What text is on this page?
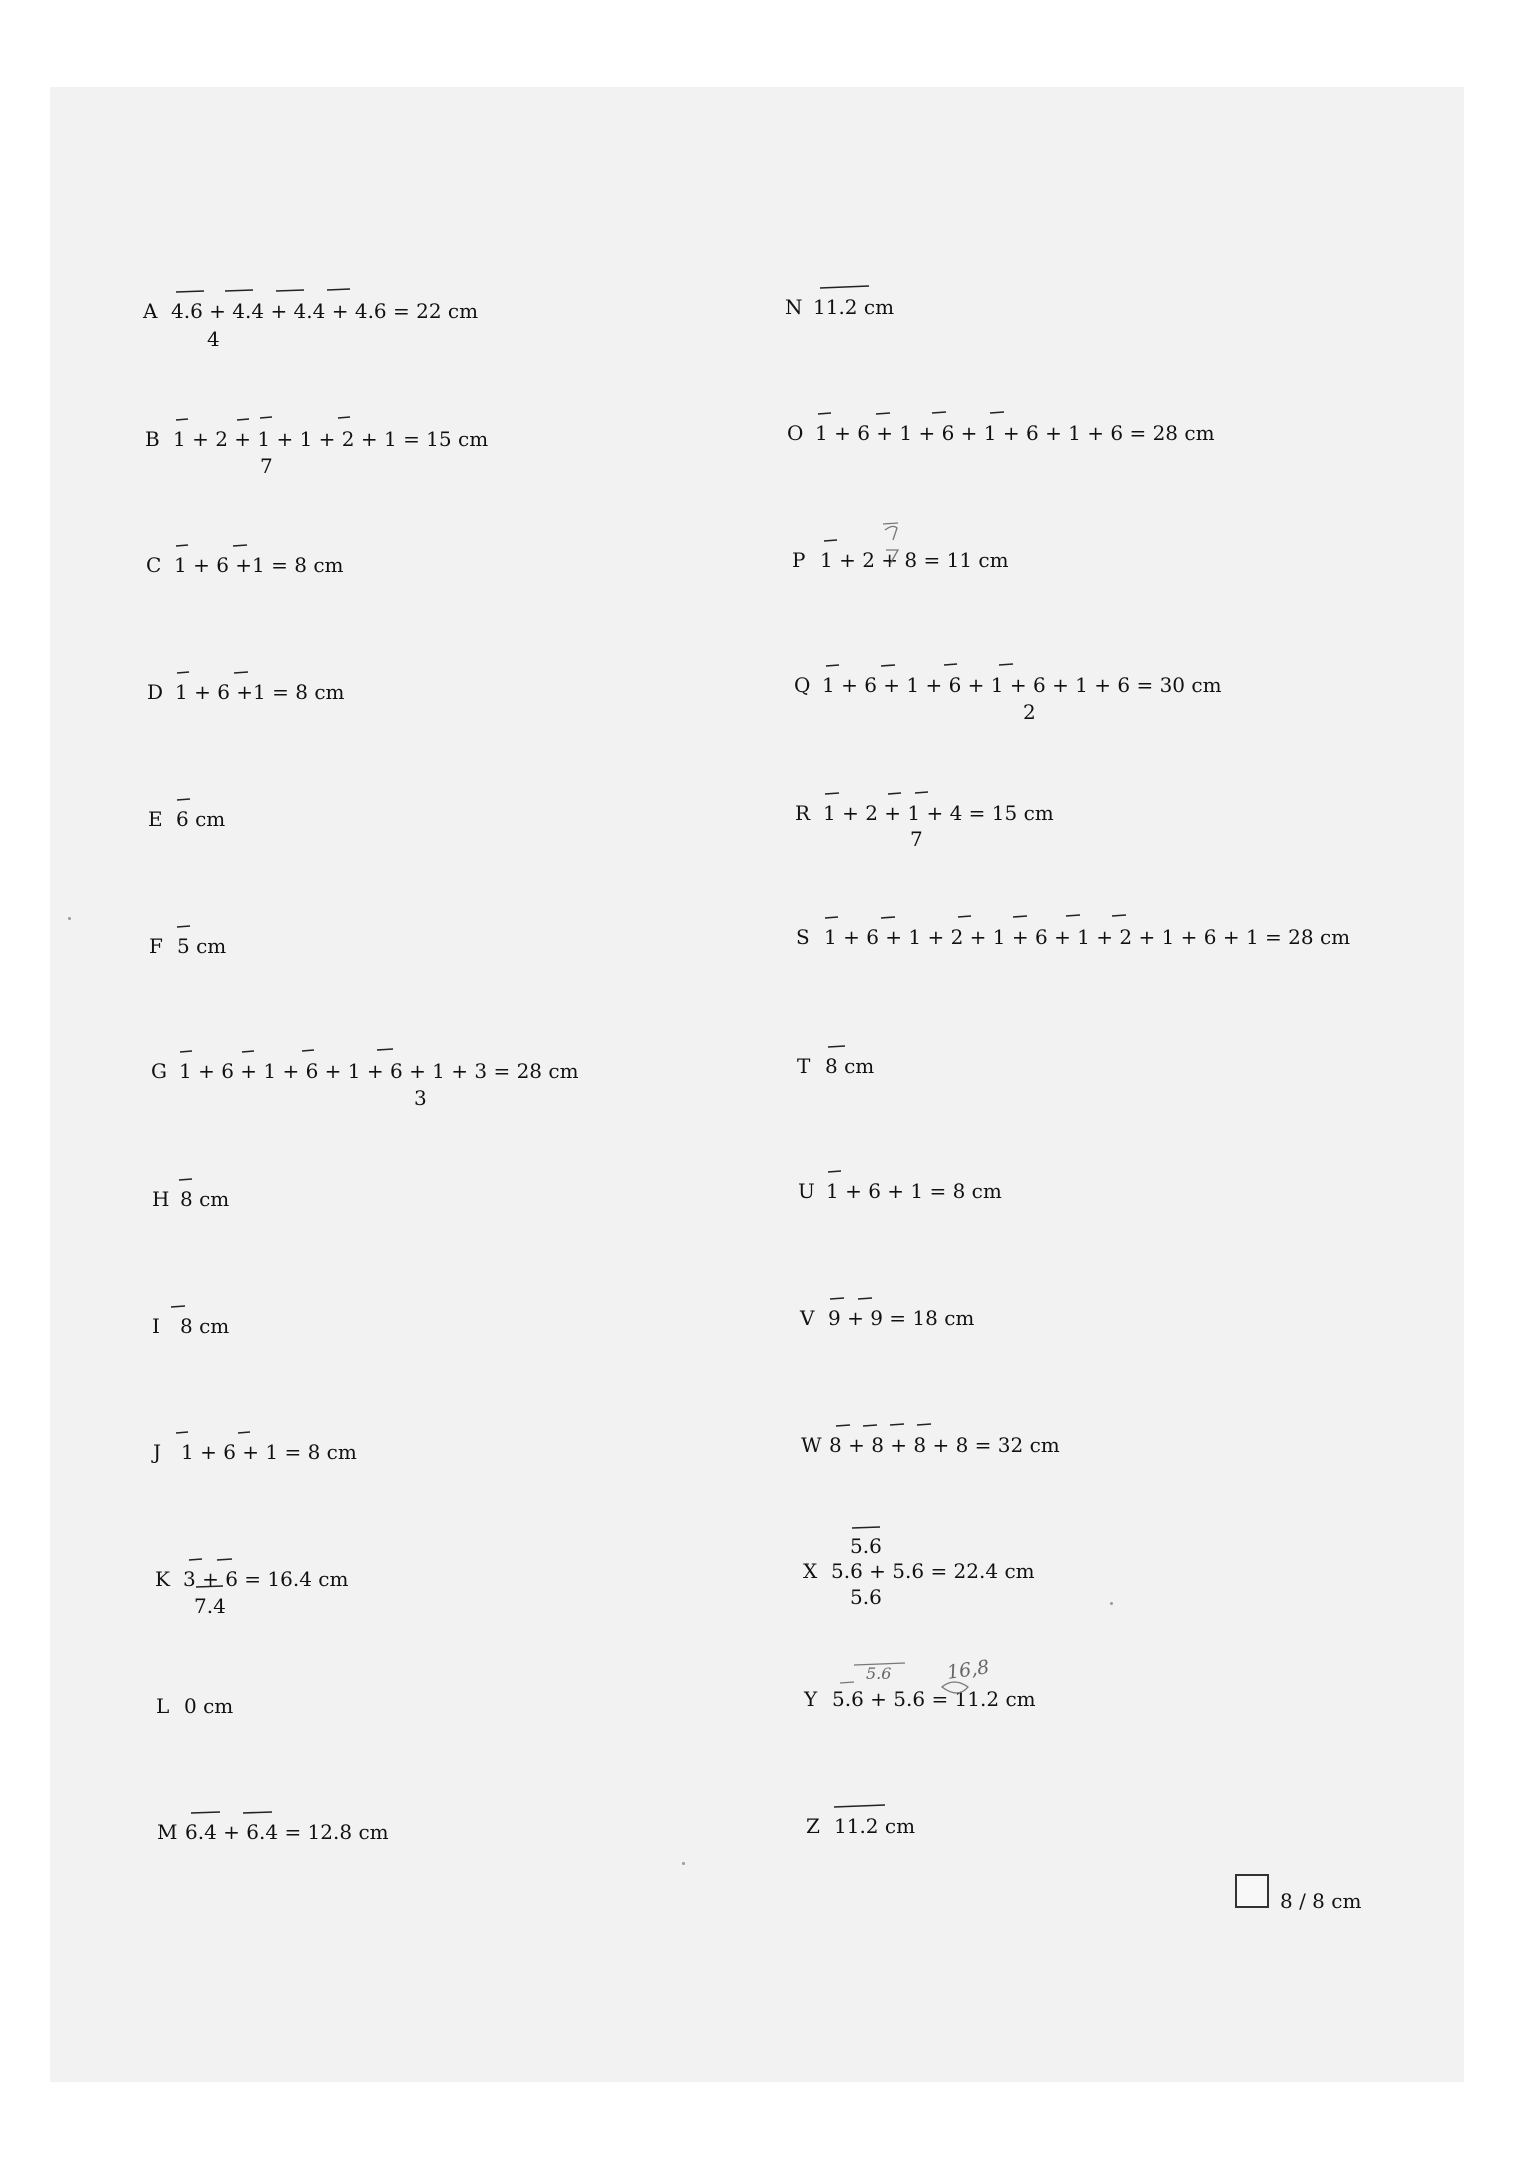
A 4.6 + 4.4 + 4.4 + 4.6 = 22 cm
4
B 1 + 2 + 1 + 1 + 2 + 1 = 15 cm
7
C 1 + 6 +1 = 8 cm
D 1 + 6 +1 = 8 cm
E 6 cm
F 5 cm
G 1 + 6 + 1 + 6 + 1 + 6 + 1 + 3 = 28 cm
3
H 8 cm
I	8 cm
J 1 + 6 + 1 = 8 cm
K 3 + 6 = 16.4 cm
7.4
L 0 cm
M 6.4 + 6.4 = 12.8 cm
N 11.2 cm
O 1 + 6 + 1 + 6 + 1 + 6 + 1 + 6 = 28 cm
P 1 + 2 + 8 = 11 cm
Q 1 + 6 + 1 + 6 + 1 + 6 + 1 + 6 = 30 cm
2
R 1 + 2 + 1 + 4 = 15 cm
7
S 1 + 6 + 1 + 2 + 1 + 6 + 1 + 2 + 1 + 6 + 1 = 28 cm
T 8 cm
U 1 + 6 + 1 = 8 cm
V 9 + 9 = 18 cm
W 8 + 8 + 8 + 8 = 32 cm
5.6
X 5.6 + 5.6 = 22.4 cm
5.6
5.6	16,8
Y 5.6 + 5.6 = 11.2 cm
Z 11.2 cm
8 / 8 cm
